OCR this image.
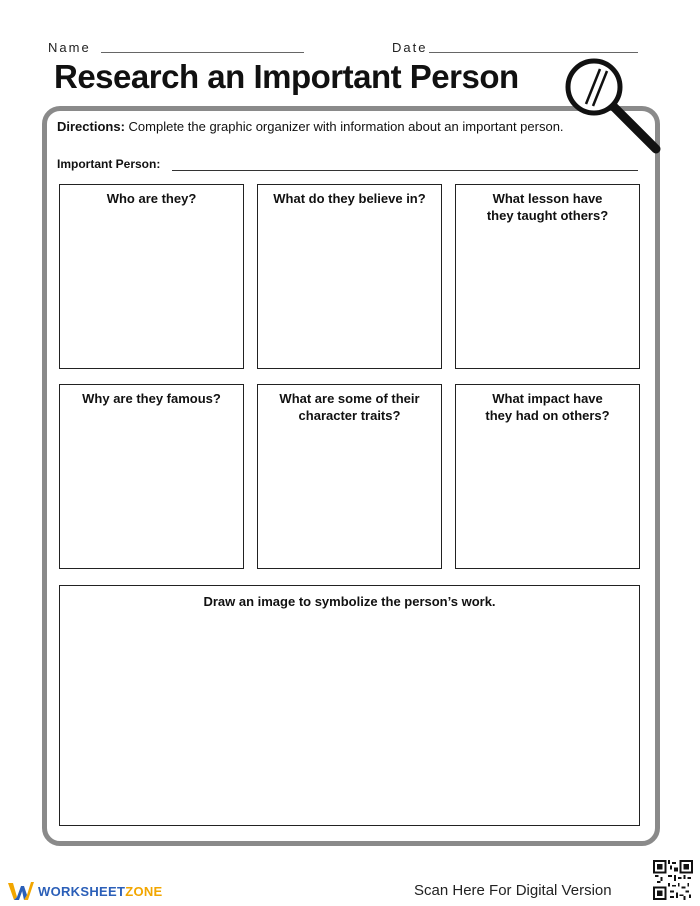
Name	Date
Research an Important Person
Directions: Complete the graphic organizer with information about an important person.
Important Person:
Who are they?	What do they believe in?	What lesson have
they taught others?
Why are they famous?	What are some of their
character traits?
What impact have
they had on others?
Draw an image to symbolize the person’s work.
WORKSHEETZONE	Scan Here For Digital Version
